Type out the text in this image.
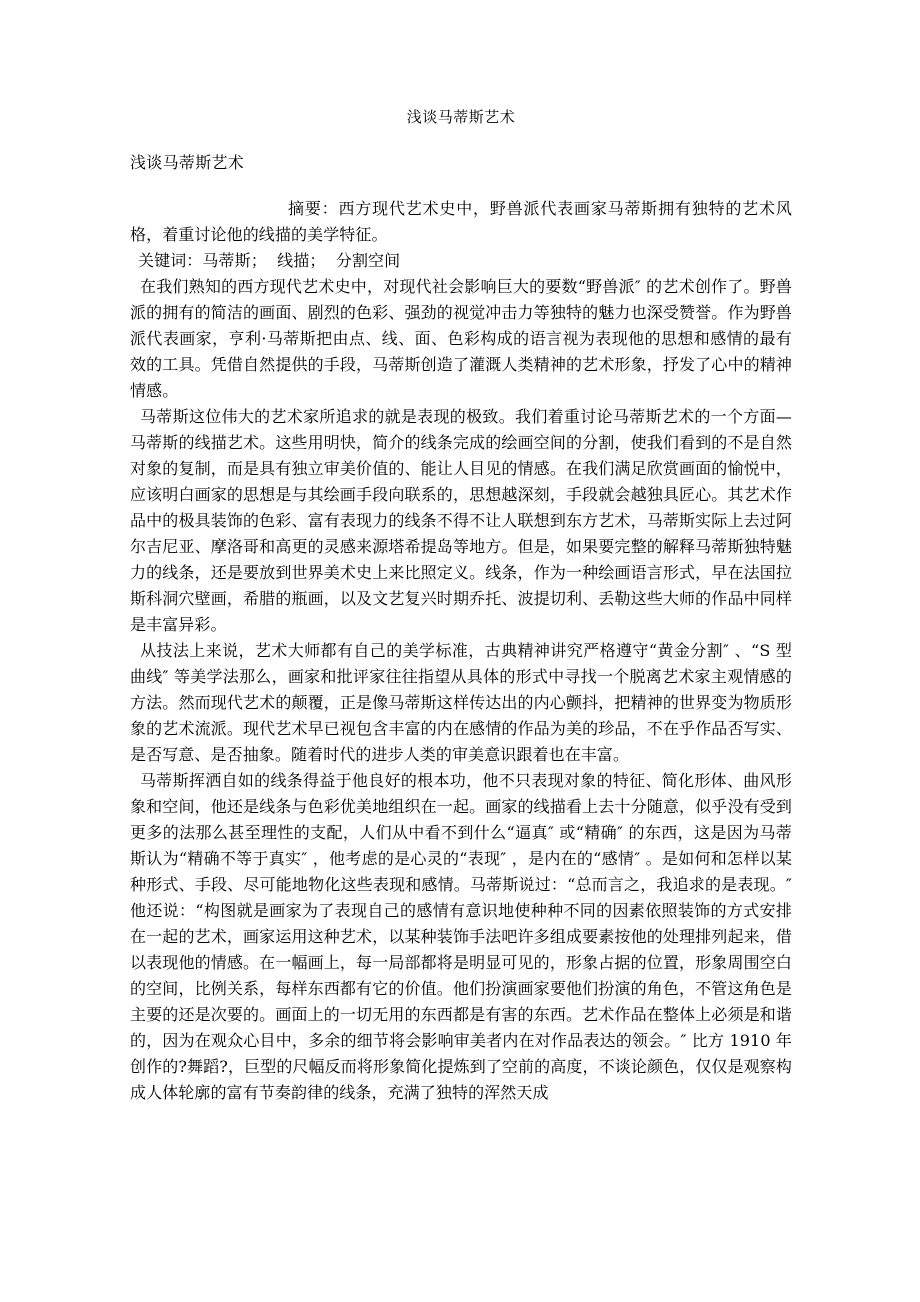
浅谈马蒂斯艺术
浅谈马蒂斯艺术
摘要：西方现代艺术史中，野兽派代表画家马蒂斯拥有独特的艺术风格，着重讨论他的线描的美学特征。
关键词：马蒂斯；  线描；  分割空间
在我们熟知的西方现代艺术史中，对现代社会影响巨大的要数“野兽派″ 的艺术创作了。野兽派的拥有的简洁的画面、剧烈的色彩、强劲的视觉冲击力等独特的魅力也深受赞誉。作为野兽派代表画家，亨利·马蒂斯把由点、线、面、色彩构成的语言视为表现他的思想和感情的最有效的工具。凭借自然提供的手段，马蒂斯创造了灌溉人类精神的艺术形象，抒发了心中的精神情感。
马蒂斯这位伟大的艺术家所追求的就是表现的极致。我们着重讨论马蒂斯艺术的一个方面—马蒂斯的线描艺术。这些用明快，简介的线条完成的绘画空间的分割，使我们看到的不是自然对象的复制，而是具有独立审美价值的、能让人目见的情感。在我们满足欣赏画面的愉悦中，应该明白画家的思想是与其绘画手段向联系的，思想越深刻，手段就会越独具匠心。其艺术作品中的极具装饰的色彩、富有表现力的线条不得不让人联想到东方艺术，马蒂斯实际上去过阿尔吉尼亚、摩洛哥和高更的灵感来源塔希提岛等地方。但是，如果要完整的解释马蒂斯独特魅力的线条，还是要放到世界美术史上来比照定义。线条，作为一种绘画语言形式，早在法国拉斯科洞穴壁画，希腊的瓶画，以及文艺复兴时期乔托、波提切利、丢勒这些大师的作品中同样是丰富异彩。
从技法上来说，艺术大师都有自己的美学标准，古典精神讲究严格遵守“黄金分割″ 、“S 型曲线″ 等美学法那么，画家和批评家往往指望从具体的形式中寻找一个脱离艺术家主观情感的方法。然而现代艺术的颠覆，正是像马蒂斯这样传达出的内心颤抖，把精神的世界变为物质形象的艺术流派。现代艺术早已视包含丰富的内在感情的作品为美的珍品，不在乎作品否写实、是否写意、是否抽象。随着时代的进步人类的审美意识跟着也在丰富。
马蒂斯挥洒自如的线条得益于他良好的根本功，他不只表现对象的特征、简化形体、曲风形象和空间，他还是线条与色彩优美地组织在一起。画家的线描看上去十分随意，似乎没有受到更多的法那么甚至理性的支配，人们从中看不到什么“逼真″ 或“精确″ 的东西，这是因为马蒂斯认为“精确不等于真实″ ，他考虑的是心灵的“表现″ ，是内在的“感情″ 。是如何和怎样以某种形式、手段、尽可能地物化这些表现和感情。马蒂斯说过：“总而言之，我追求的是表现。″ 他还说：“构图就是画家为了表现自己的感情有意识地使种种不同的因素依照装饰的方式安排在一起的艺术，画家运用这种艺术，以某种装饰手法吧许多组成要素按他的处理排列起来，借以表现他的情感。在一幅画上，每一局部都将是明显可见的，形象占据的位置，形象周围空白的空间，比例关系，每样东西都有它的价值。他们扮演画家要他们扮演的角色，不管这角色是主要的还是次要的。画面上的一切无用的东西都是有害的东西。艺术作品在整体上必须是和谐的，因为在观众心目中，多余的细节将会影响审美者内在对作品表达的领会。″ 比方 1910 年创作的?舞蹈?，巨型的尺幅反而将形象简化提炼到了空前的高度，不谈论颜色，仅仅是观察构成人体轮廓的富有节奏韵律的线条，充满了独特的浑然天成
